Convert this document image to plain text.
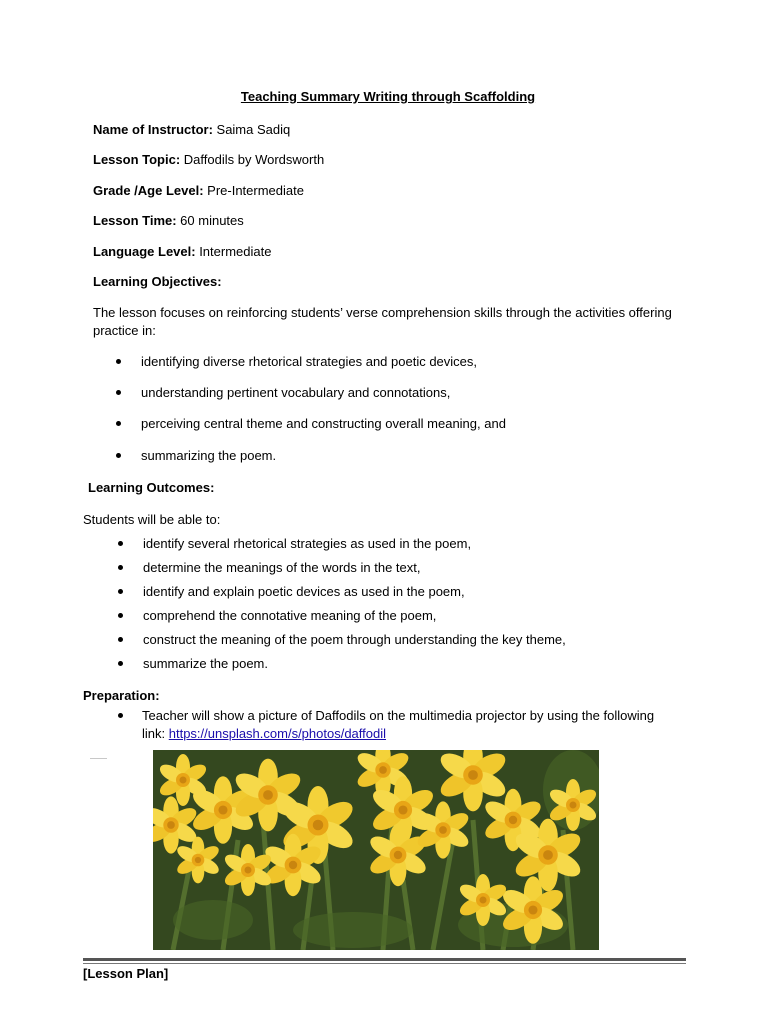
Teaching Summary Writing through Scaffolding
Name of Instructor: Saima Sadiq
Lesson Topic: Daffodils by Wordsworth
Grade /Age Level: Pre-Intermediate
Lesson Time: 60 minutes
Language Level: Intermediate
Learning Objectives:
The lesson focuses on reinforcing students’ verse comprehension skills through the activities offering practice in:
identifying diverse rhetorical strategies and poetic devices,
understanding pertinent vocabulary and connotations,
perceiving central theme and constructing overall meaning, and
summarizing the poem.
Learning Outcomes:
Students will be able to:
identify several rhetorical strategies as used in the poem,
determine the meanings of the words in the text,
identify and explain poetic devices as used in the poem,
comprehend the connotative meaning of the poem,
construct the meaning of the poem through understanding the key theme,
summarize the poem.
Preparation:
Teacher will show a picture of Daffodils on the multimedia projector by using the following link: https://unsplash.com/s/photos/daffodil
[Lesson Plan]
